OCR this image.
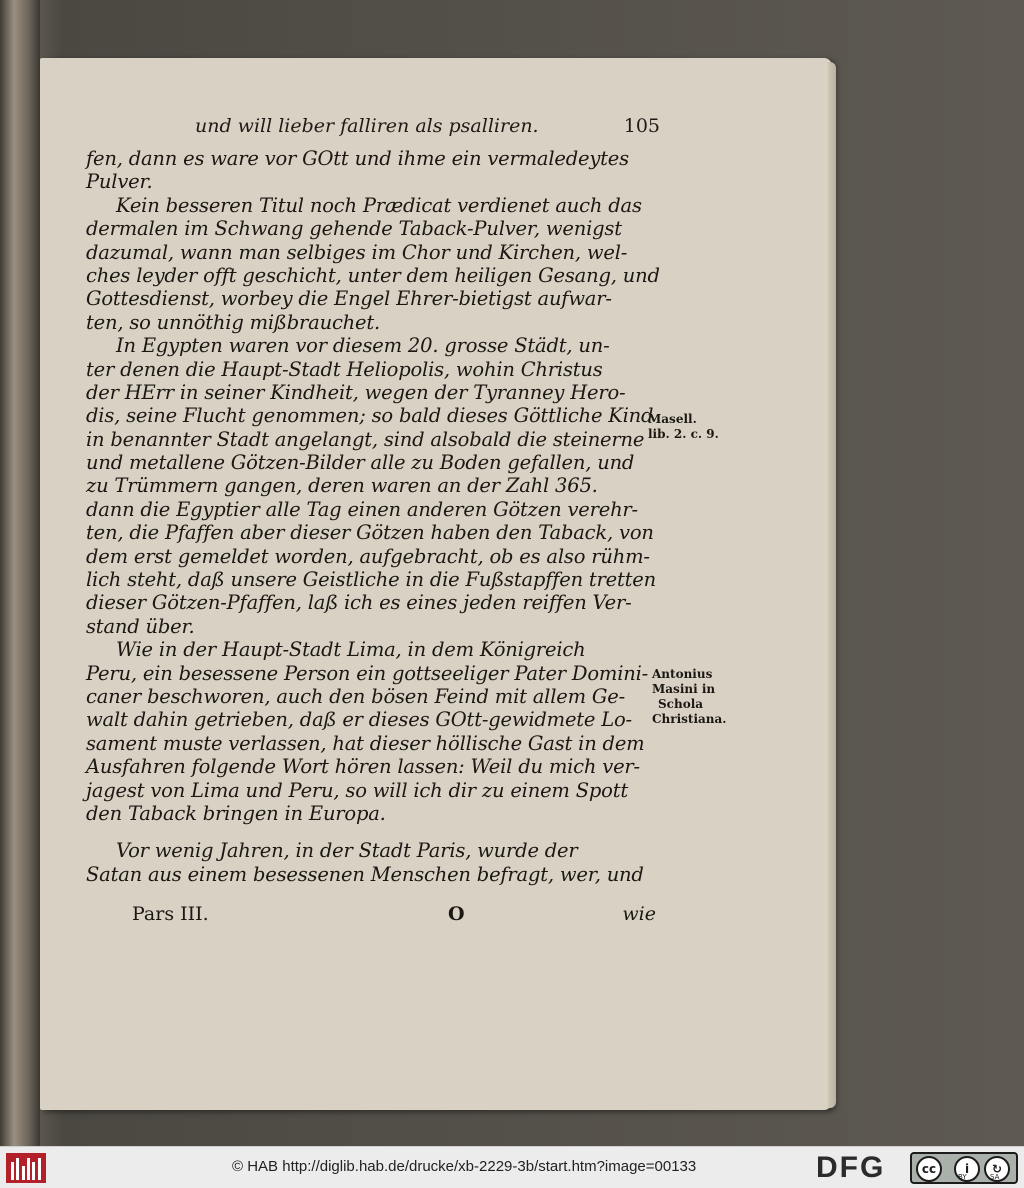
und will lieber falliren als psalliren.	105
fen, dann es ware vor GOtt und ihme ein vermaledeytes
Pulver.
Kein besseren Titul noch Prædicat verdienet auch das
dermalen im Schwang gehende Taback-Pulver, wenigst
dazumal, wann man selbiges im Chor und Kirchen, wel-
ches leyder offt geschicht, unter dem heiligen Gesang, und
Gottesdienst, worbey die Engel Ehrer-bietigst aufwar-
ten, so unnöthig mißbrauchet.
In Egypten waren vor diesem 20. grosse Städt, un-
ter denen die Haupt-Stadt Heliopolis, wohin Christus
der HErr in seiner Kindheit, wegen der Tyranney Hero-
dis, seine Flucht genommen; so bald dieses Göttliche Kind
in benannter Stadt angelangt, sind alsobald die steinerne
und metallene Götzen-Bilder alle zu Boden gefallen, und
zu Trümmern gangen, deren waren an der Zahl 365.
dann die Egyptier alle Tag einen anderen Götzen verehr-
ten, die Pfaffen aber dieser Götzen haben den Taback, von
dem erst gemeldet worden, aufgebracht, ob es also rühm-
lich steht, daß unsere Geistliche in die Fußstapffen tretten
dieser Götzen-Pfaffen, laß ich es eines jeden reiffen Ver-
stand über.
Wie in der Haupt-Stadt Lima, in dem Königreich
Peru, ein besessene Person ein gottseeliger Pater Domini-
caner beschworen, auch den bösen Feind mit allem Ge-
walt dahin getrieben, daß er dieses GOtt-gewidmete Lo-
sament muste verlassen, hat dieser höllische Gast in dem
Ausfahren folgende Wort hören lassen: Weil du mich ver-
jagest von Lima und Peru, so will ich dir zu einem Spott
den Taback bringen in Europa.
Vor wenig Jahren, in der Stadt Paris, wurde der
Satan aus einem besessenen Menschen befragt, wer, und
Masell.
lib. 2. c. 9.
Antonius
Masini in
Schola
Christiana.
Pars III.	O	wie
© HAB http://diglib.hab.de/drucke/xb-2229-3b/start.htm?image=00133	DFG	cc	i	↻
BY	SA
